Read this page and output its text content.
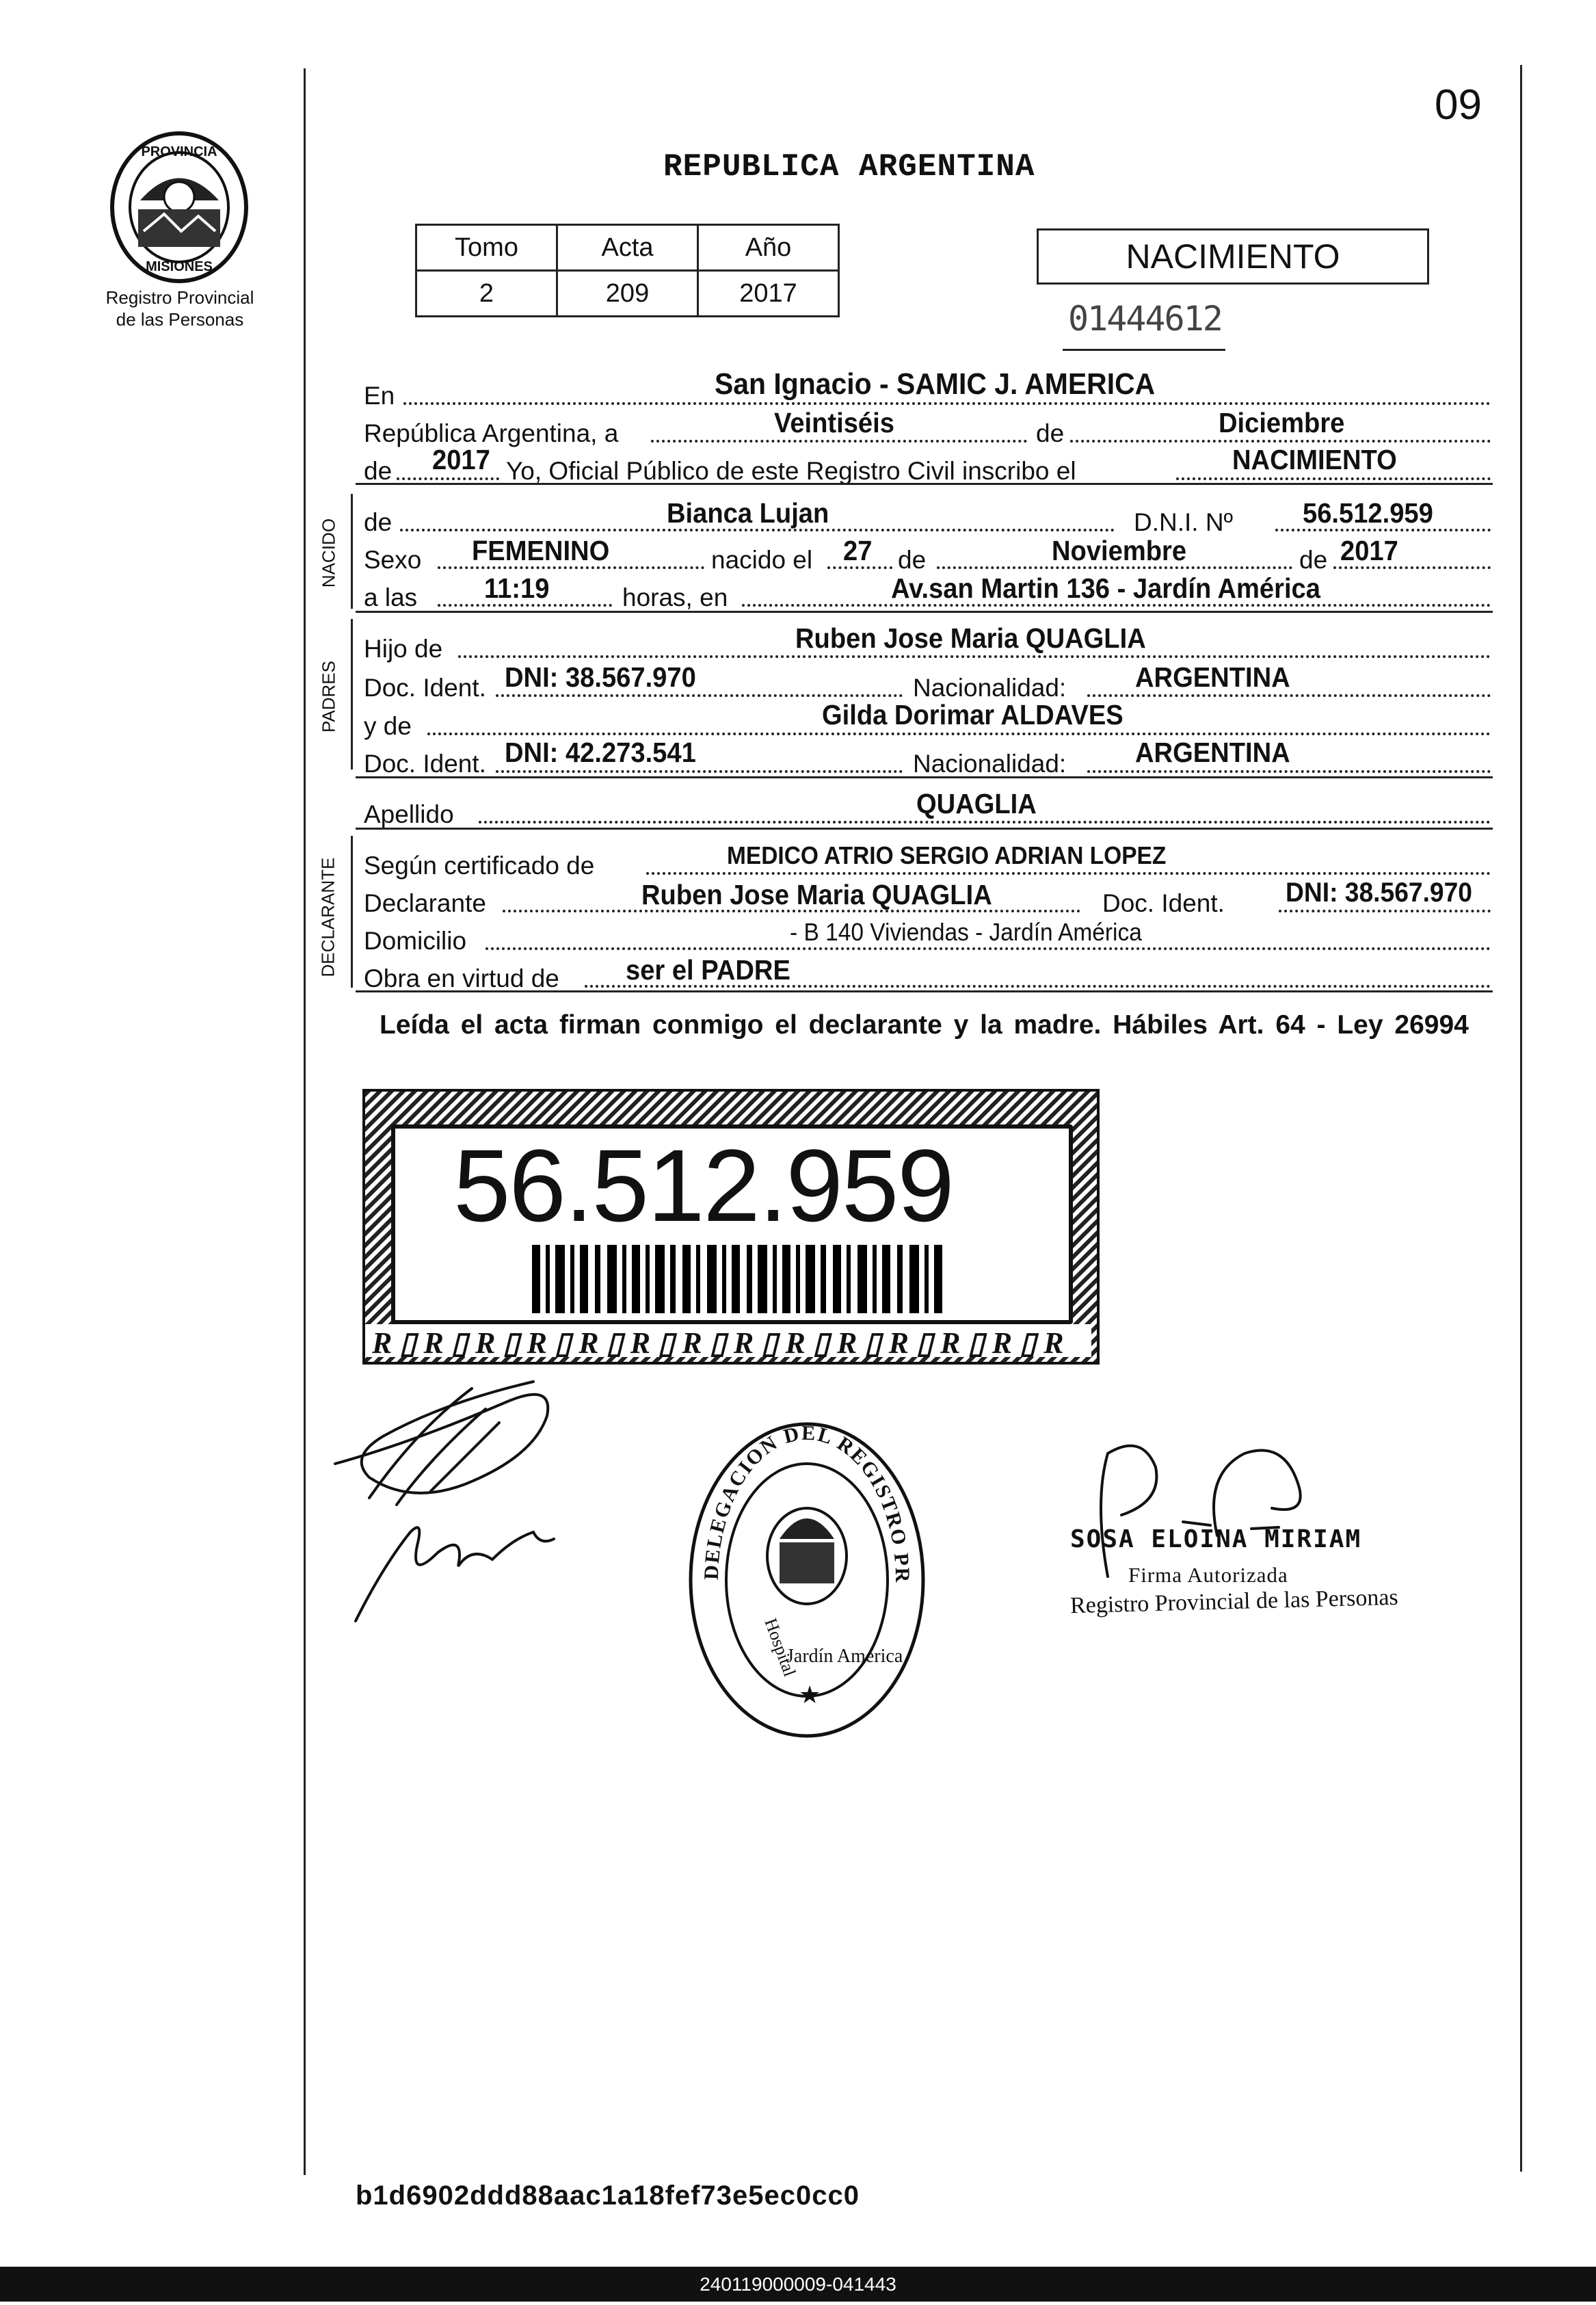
09
PROVINCIA
MISIONES
Registro Provincial
de las Personas
REPUBLICA ARGENTINA
Tomo	Acta	Año
2	209	2017
NACIMIENTO
01444612
En	San Ignacio - SAMIC J. AMERICA
República Argentina, a	Veintiséis	de	Diciembre
de 2017 Yo, Oficial Público de este Registro Civil inscribo el	NACIMIENTO
NACIDO de	Bianca Lujan	D.N.I. Nº 56.512.959
Sexo FEMENINO	nacido el 27 de	Noviembre	de 2017
a las 11:19	horas, en	Av.san Martin 136 - Jardín América
PADRES
Hijo de	Ruben Jose Maria QUAGLIA
Doc. Ident. DNI: 38.567.970	Nacionalidad: ARGENTINA
y de	Gilda Dorimar ALDAVES
Doc. Ident. DNI: 42.273.541	Nacionalidad: ARGENTINA
Apellido	QUAGLIA
DECLARANTE Según certificado de	MEDICO ATRIO SERGIO ADRIAN LOPEZ
Declarante	Ruben Jose Maria QUAGLIA	Doc. Ident. DNI: 38.567.970
Domicilio	- B 140 Viviendas - Jardín América
Obra en virtud de ser el PADRE
Leída el acta firman conmigo el declarante y la madre. Hábiles Art. 64 - Ley 26994
56.512.959
R ▯ R ▯ R ▯ R ▯ R ▯ R ▯ R ▯ R ▯ R ▯ R ▯ R ▯ R ▯ R ▯ R
DELEGACION DEL REGISTRO PR
Hospital
Jardín América
★
SOSA ELOINA MIRIAM
Firma Autorizada
Registro Provincial de las Personas
b1d6902ddd88aac1a18fef73e5ec0cc0
240119000009-041443
